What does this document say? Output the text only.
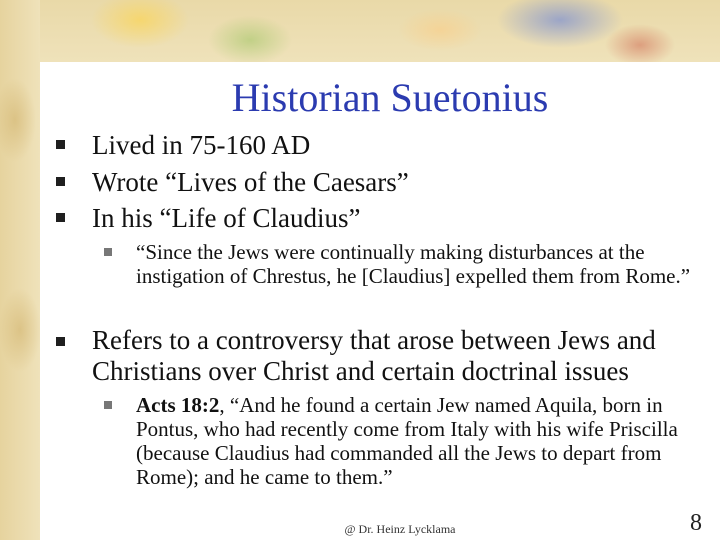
Historian Suetonius
Lived in 75-160 AD
Wrote “Lives of the Caesars”
In his “Life of Claudius”
“Since the Jews were continually making disturbances at the instigation of Chrestus, he [Claudius] expelled them from Rome.”
Refers to a controversy that arose between Jews and Christians over Christ and certain doctrinal issues
Acts 18:2, “And he found a certain Jew named Aquila, born in Pontus, who had recently come from Italy with his wife Priscilla (because Claudius had commanded all the Jews to depart from Rome); and he came to them.”
@ Dr. Heinz Lycklama	8
